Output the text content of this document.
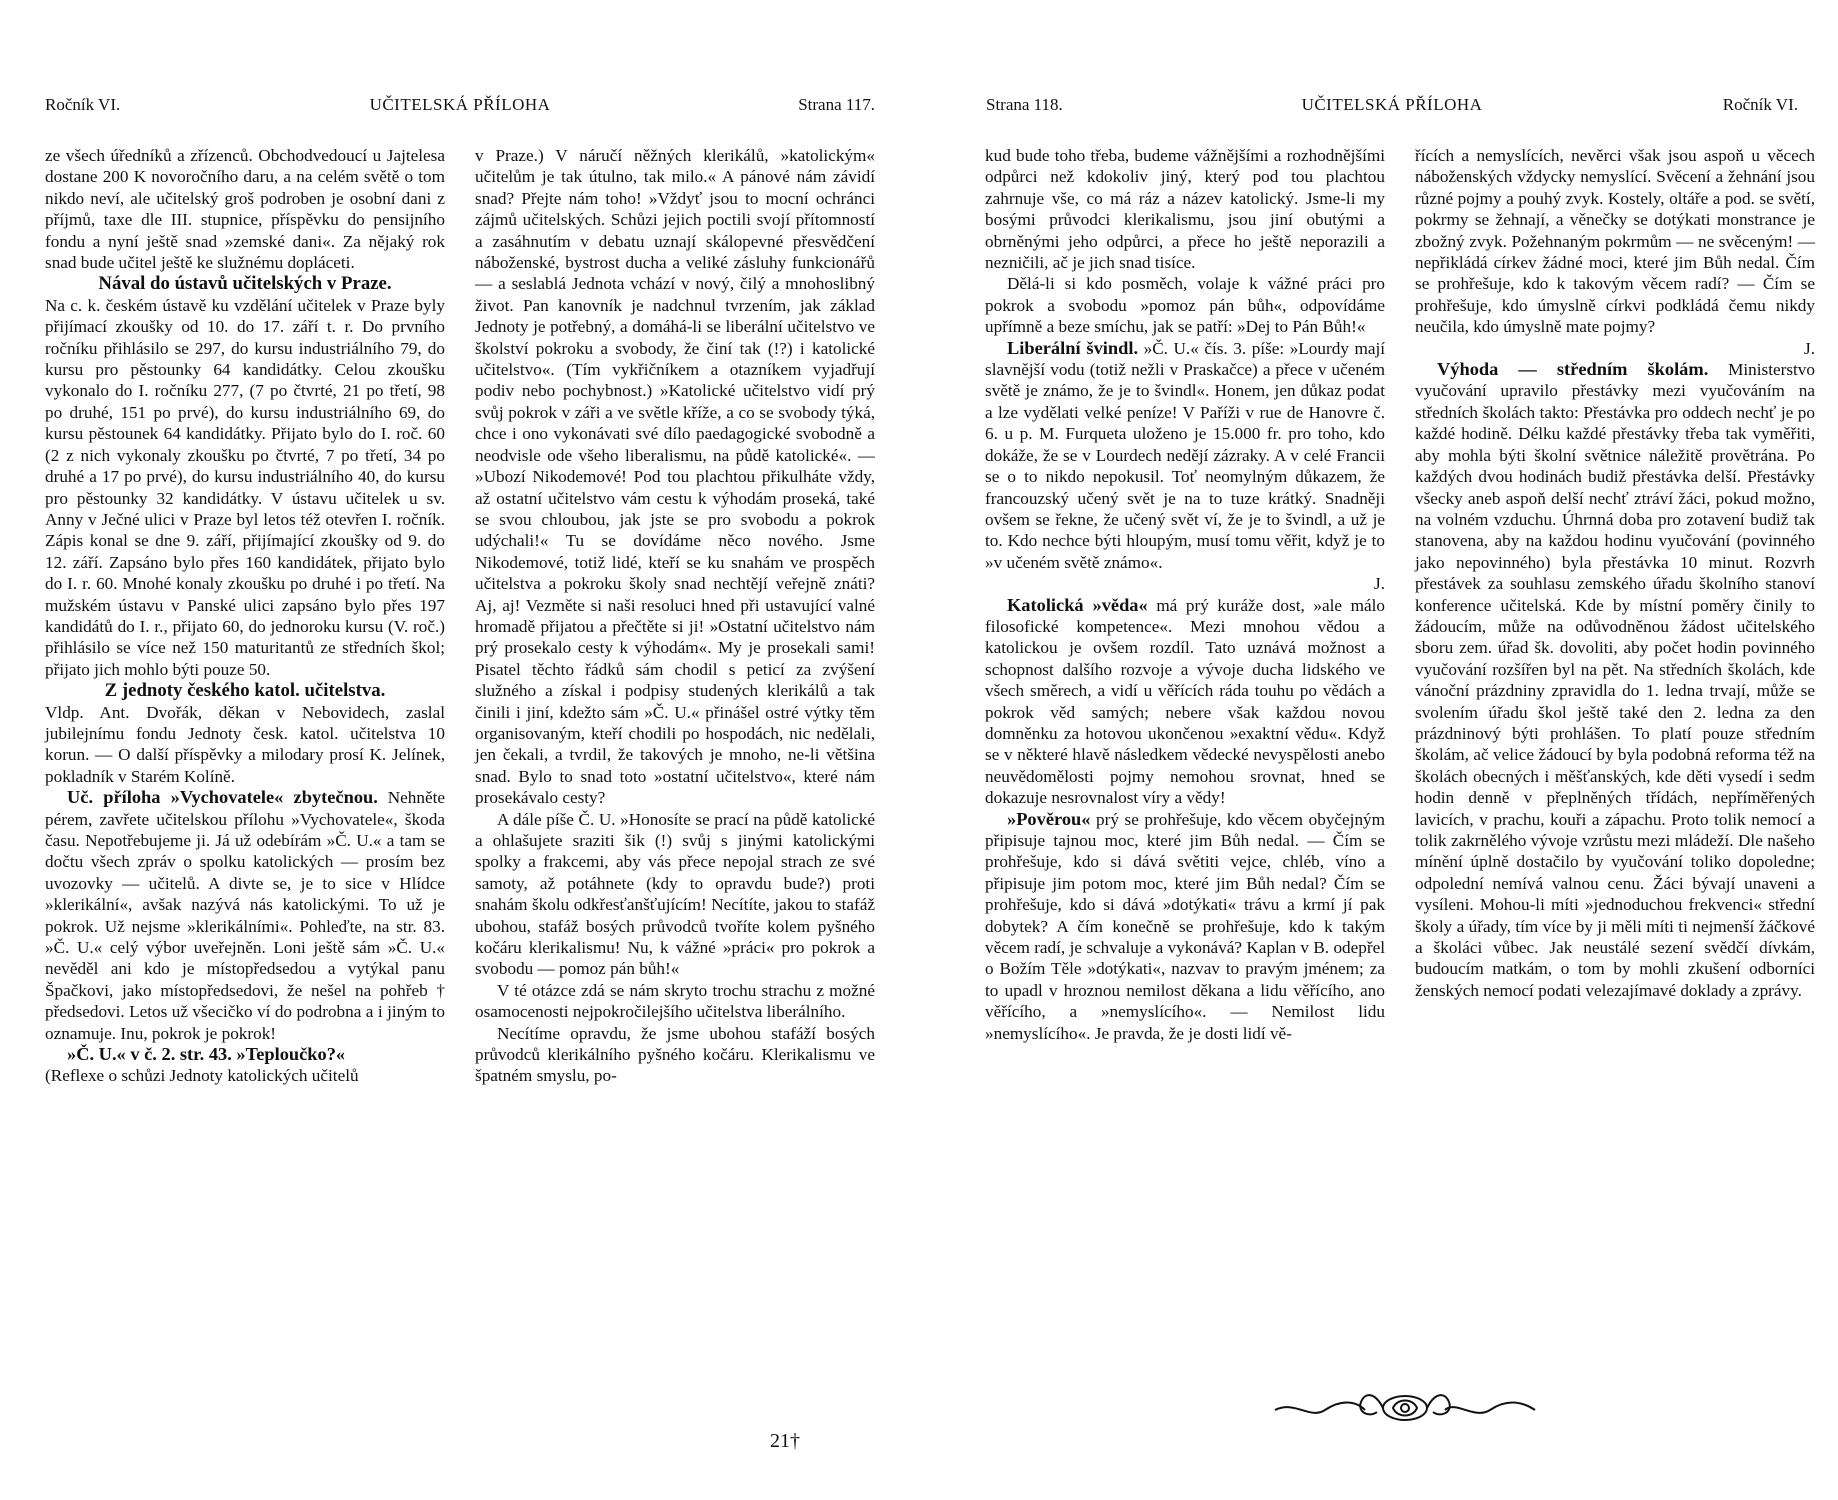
Ročník VI.	UČITELSKÁ PŘÍLOHA	Strana 117.

ze všech úředníků a zřízenců. Obchodvedoucí u Jajtelesa dostane 200 K novoročního daru, a na celém světě o tom nikdo neví, ale učitelský groš podroben je osobní dani z příjmů, taxe dle III. stupnice, příspěvku do pensijního fondu a nyní ještě snad »zemské dani«. Za nějaký rok snad bude učitel ještě ke služnému dopláceti.

Nával do ústavů učitelských v Praze.

Na c. k. českém ústavě ku vzdělání učitelek v Praze byly přijímací zkoušky od 10. do 17. září t. r. Do prvního ročníku přihlásilo se 297, do kursu industriálního 79, do kursu pro pěstounky 64 kandidátky. Celou zkoušku vykonalo do I. ročníku 277, (7 po čtvrté, 21 po třetí, 98 po druhé, 151 po prvé), do kursu industriálního 69, do kursu pěstounek 64 kandidátky. Přijato bylo do I. roč. 60 (2 z nich vykonaly zkoušku po čtvrté, 7 po třetí, 34 po druhé a 17 po prvé), do kursu industriálního 40, do kursu pro pěstounky 32 kandidátky. V ústavu učitelek u sv. Anny v Ječné ulici v Praze byl letos též otevřen I. ročník. Zápis konal se dne 9. září, přijímající zkoušky od 9. do 12. září. Zapsáno bylo přes 160 kandidátek, přijato bylo do I. r. 60. Mnohé konaly zkoušku po druhé i po třetí. Na mužském ústavu v Panské ulici zapsáno bylo přes 197 kandidátů do I. r., přijato 60, do jednoroku kursu (V. roč.) přihlásilo se více než 150 maturitantů ze středních škol; přijato jich mohlo býti pouze 50.

Z jednoty českého katol. učitelstva.

Vldp. Ant. Dvořák, děkan v Nebovidech, zaslal jubilejnímu fondu Jednoty česk. katol. učitelstva 10 korun. — O další příspěvky a milodary prosí K. Jelínek, pokladník v Starém Kolíně.

Uč. příloha »Vychovatele« zbytečnou. Nehněte pérem, zavřete učitelskou přílohu »Vychovatele«, škoda času. Nepotřebujeme ji. Já už odebírám »Č. U.« a tam se dočtu všech zpráv o spolku katolických — prosím bez uvozovky — učitelů. A divte se, je to sice v Hlídce »klerikální«, avšak nazývá nás katolickými. To už je pokrok. Už nejsme »klerikálními«. Pohleďte, na str. 83. »Č. U.« celý výbor uveřejněn. Loni ještě sám »Č. U.« nevěděl ani kdo je místopředsedou a vytýkal panu Špačkovi, jako místopředsedovi, že nešel na pohřeb † předsedovi. Letos už všecičko ví do podrobna a i jiným to oznamuje. Inu, pokrok je pokrok!

»Č. U.« v č. 2. str. 43. »Teploučko?«

(Reflexe o schůzi Jednoty katolických učitelů

v Praze.) V náručí něžných klerikálů, »katolickým« učitelům je tak útulno, tak milo.« A pánové nám závidí snad? Přejte nám toho! »Vždyť jsou to mocní ochránci zájmů učitelských. Schůzi jejich poctili svojí přítomností a zasáhnutím v debatu uznají skálopevné přesvědčení náboženské, bystrost ducha a veliké zásluhy funkcionářů — a seslablá Jednota vchází v nový, čilý a mnohoslibný život. Pan kanovník je nadchnul tvrzením, jak základ Jednoty je potřebný, a domáhá-li se liberální učitelstvo ve školství pokroku a svobody, že činí tak (!?) i katolické učitelstvo«. (Tím vykřičníkem a otazníkem vyjadřují podiv nebo pochybnost.) »Katolické učitelstvo vidí prý svůj pokrok v záři a ve světle kříže, a co se svobody týká, chce i ono vykonávati své dílo paedagogické svobodně a neodvisle ode všeho liberalismu, na půdě katolické«. — »Ubozí Nikodemové! Pod tou plachtou přikulháte vždy, až ostatní učitelstvo vám cestu k výhodám proseká, také se svou chloubou, jak jste se pro svobodu a pokrok udýchali!« Tu se dovídáme něco nového. Jsme Nikodemové, totiž lidé, kteří se ku snahám ve prospěch učitelstva a pokroku školy snad nechtějí veřejně znáti? Aj, aj! Vezměte si naši resoluci hned při ustavující valné hromadě přijatou a přečtěte si ji! »Ostatní učitelstvo nám prý prosekalo cesty k výhodám«. My je prosekali sami! Pisatel těchto řádků sám chodil s peticí za zvýšení služného a získal i podpisy studených klerikálů a tak činili i jiní, kdežto sám »Č. U.« přinášel ostré výtky těm organisovaným, kteří chodili po hospodách, nic nedělali, jen čekali, a tvrdil, že takových je mnoho, ne-li většina snad. Bylo to snad toto »ostatní učitelstvo«, které nám prosekávalo cesty?

A dále píše Č. U. »Honosíte se prací na půdě katolické a ohlašujete sraziti šik (!) svůj s jinými katolickými spolky a frakcemi, aby vás přece nepojal strach ze své samoty, až potáhnete (kdy to opravdu bude?) proti snahám školu odkřesťanšťujícím! Necítíte, jakou to stafáž ubohou, stafáž bosých průvodců tvoříte kolem pyšného kočáru klerikalismu! Nu, k vážné »práci« pro pokrok a svobodu — pomoz pán bůh!«

V té otázce zdá se nám skryto trochu strachu z možné osamocenosti nejpokročilejšího učitelstva liberálního.

Necítíme opravdu, že jsme ubohou stafáží bosých průvodců klerikálního pyšného kočáru. Klerikalismu ve špatném smyslu, po-

21†
Strana 118.	UČITELSKÁ PŘÍLOHA	Ročník VI.

kud bude toho třeba, budeme vážnějšími a rozhodnějšími odpůrci než kdokoliv jiný, který pod tou plachtou zahrnuje vše, co má ráz a název katolický. Jsme-li my bosými průvodci klerikalismu, jsou jiní obutými a obrněnými jeho odpůrci, a přece ho ještě neporazili a nezničili, ač je jich snad tisíce.

Dělá-li si kdo posměch, volaje k vážné práci pro pokrok a svobodu »pomoz pán bůh«, odpovídáme upřímně a beze smíchu, jak se patří: »Dej to Pán Bůh!«

Liberální švindl. »Č. U.« čís. 3. píše: »Lourdy mají slavnější vodu (totiž nežli v Praskačce) a přece v učeném světě je známo, že je to švindl«. Honem, jen důkaz podat a lze vydělati velké peníze! V Paříži v rue de Hanovre č. 6. u p. M. Furqueta uloženo je 15.000 fr. pro toho, kdo dokáže, že se v Lourdech nedějí zázraky. A v celé Francii se o to nikdo nepokusil. Toť neomylným důkazem, že francouzský učený svět je na to tuze krátký. Snadněji ovšem se řekne, že učený svět ví, že je to švindl, a už je to. Kdo nechce býti hloupým, musí tomu věřit, když je to »v učeném světě známo«.

J.

Katolická »věda« má prý kuráže dost, »ale málo filosofické kompetence«. Mezi mnohou vědou a katolickou je ovšem rozdíl. Tato uznává možnost a schopnost dalšího rozvoje a vývoje ducha lidského ve všech směrech, a vidí u věřících ráda touhu po vědách a pokrok věd samých; nebere však každou novou domněnku za hotovou ukončenou »exaktní vědu«. Když se v některé hlavě následkem vědecké nevyspělosti anebo neuvědomělosti pojmy nemohou srovnat, hned se dokazuje nesrovnalost víry a vědy!

»Pověrou« prý se prohřešuje, kdo věcem obyčejným připisuje tajnou moc, které jim Bůh nedal. — Čím se prohřešuje, kdo si dává světiti vejce, chléb, víno a připisuje jim potom moc, které jim Bůh nedal? Čím se prohřešuje, kdo si dává »dotýkati« trávu a krmí jí pak dobytek? A čím konečně se prohřešuje, kdo k takým věcem radí, je schvaluje a vykonává? Kaplan v B. odepřel o Božím Těle »dotýkati«, nazvav to pravým jménem; za to upadl v hroznou nemilost děkana a lidu věřícího, ano věřícího, a »nemyslícího«. — Nemilost lidu »nemyslícího«. Je pravda, že je dosti lidí vě-

řících a nemyslících, nevěrci však jsou aspoň u věcech náboženských vždycky nemyslící. Svěcení a žehnání jsou různé pojmy a pouhý zvyk. Kostely, oltáře a pod. se světí, pokrmy se žehnají, a věnečky se dotýkati monstrance je zbožný zvyk. Požehnaným pokrmům — ne svěceným! — nepřikládá církev žádné moci, které jim Bůh nedal. Čím se prohřešuje, kdo k takovým věcem radí? — Čím se prohřešuje, kdo úmyslně církvi podkládá čemu nikdy neučila, kdo úmyslně mate pojmy?

J.

Výhoda — středním školám. Ministerstvo vyučování upravilo přestávky mezi vyučováním na středních školách takto: Přestávka pro oddech nechť je po každé hodině. Délku každé přestávky třeba tak vyměřiti, aby mohla býti školní světnice náležitě provětrána. Po každých dvou hodinách budiž přestávka delší. Přestávky všecky aneb aspoň delší nechť ztráví žáci, pokud možno, na volném vzduchu. Úhrnná doba pro zotavení budiž tak stanovena, aby na každou hodinu vyučování (povinného jako nepovinného) byla přestávka 10 minut. Rozvrh přestávek za souhlasu zemského úřadu školního stanoví konference učitelská. Kde by místní poměry činily to žádoucím, může na odůvodněnou žádost učitelského sboru zem. úřad šk. dovoliti, aby počet hodin povinného vyučování rozšířen byl na pět. Na středních školách, kde vánoční prázdniny zpravidla do 1. ledna trvají, může se svolením úřadu škol ještě také den 2. ledna za den prázdninový býti prohlášen. To platí pouze středním školám, ač velice žádoucí by byla podobná reforma též na školách obecných i měšťanských, kde děti vysedí i sedm hodin denně v přeplněných třídách, nepříměřených lavicích, v prachu, kouři a zápachu. Proto tolik nemocí a tolik zakrnělého vývoje vzrůstu mezi mládeží. Dle našeho mínění úplně dostačilo by vyučování toliko dopoledne; odpolední nemívá valnou cenu. Žáci bývají unaveni a vysíleni. Mohou-li míti »jednoduchou frekvenci« střední školy a úřady, tím více by ji měli míti ti nejmenší žáčkové a školáci vůbec. Jak neustálé sezení svědčí dívkám, budoucím matkám, o tom by mohli zkušení odborníci ženských nemocí podati velezajímavé doklady a zprávy.
